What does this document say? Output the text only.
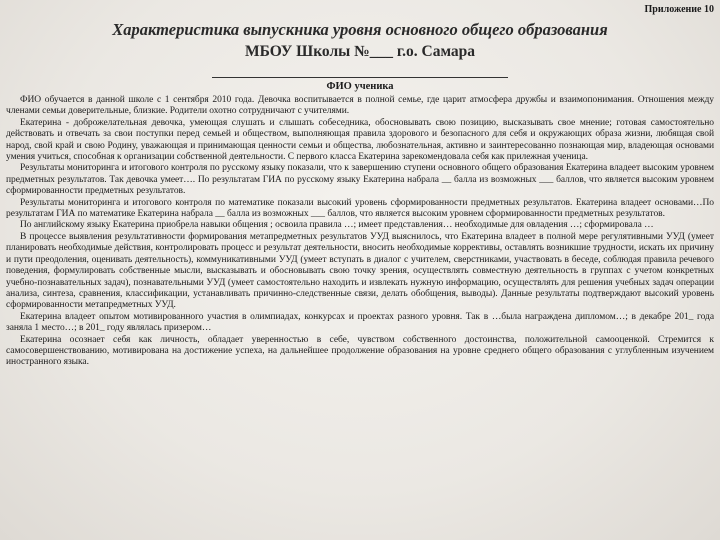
Приложение 10
Характеристика выпускника уровня основного общего образования
МБОУ Школы №___ г.о. Самара
ФИО ученика

ФИО обучается в данной школе с 1 сентября 2010 года. Девочка воспитывается в полной семье, где царит атмосфера дружбы и взаимопонимания. Отношения между членами семьи доверительные, близкие. Родители охотно сотрудничают с учителями.

Екатерина - доброжелательная девочка, умеющая слушать и слышать собеседника, обосновывать свою позицию, высказывать свое мнение; готовая самостоятельно действовать и отвечать за свои поступки перед семьей и обществом, выполняющая правила здорового и безопасного для себя и окружающих образа жизни, любящая свой народ, свой край и свою Родину, уважающая и принимающая ценности семьи и общества, любознательная, активно и заинтересованно познающая мир, владеющая основами умения учиться, способная к организации собственной деятельности. С первого класса Екатерина зарекомендовала себя как прилежная ученица.

Результаты мониторинга и итогового контроля по русскому языку показали, что к завершению ступени основного общего образования Екатерина владеет высоким уровнем предметных результатов. Так девочка умеет…. По результатам ГИА по русскому языку Екатерина набрала __ балла из возможных ___ баллов, что является высоким уровнем сформированности предметных результатов.

Результаты мониторинга и итогового контроля по математике показали высокий уровень сформированности предметных результатов. Екатерина владеет основами…По результатам ГИА по математике Екатерина набрала __ балла из возможных ___ баллов, что является высоким уровнем сформированности предметных результатов.

По английскому языку Екатерина приобрела навыки общения ; освоила правила …; имеет представления… необходимые для овладения …; сформировала …

В процессе выявления результативности формирования метапредметных результатов УУД выяснилось, что Екатерина владеет в полной мере регулятивными УУД (умеет планировать необходимые действия, контролировать процесс и результат деятельности, вносить необходимые коррективы, оставлять возникшие трудности, искать их причину и пути преодоления, оценивать деятельность), коммуникативными УУД (умеет вступать в диалог с учителем, сверстниками, участвовать в беседе, соблюдая правила речевого поведения, формулировать собственные мысли, высказывать и обосновывать свою точку зрения, осуществлять совместную деятельность в группах с учетом конкретных учебно-познавательных задач), познавательными УУД (умеет самостоятельно находить и извлекать нужную информацию, осуществлять для решения учебных задач операции анализа, синтеза, сравнения, классификации, устанавливать причинно-следственные связи, делать обобщения, выводы). Данные результаты подтверждают высокий уровень сформированности метапредметных УУД.

Екатерина владеет опытом мотивированного участия в олимпиадах, конкурсах и проектах разного уровня. Так в …была награждена дипломом…; в декабре 201_ года заняла 1 место…; в 201_ году являлась призером…

Екатерина осознает себя как личность, обладает уверенностью в себе, чувством собственного достоинства, положительной самооценкой. Стремится к самосовершенствованию, мотивирована на достижение успеха, на дальнейшее продолжение образования на уровне среднего общего образования с углубленным изучением иностранного языка.
